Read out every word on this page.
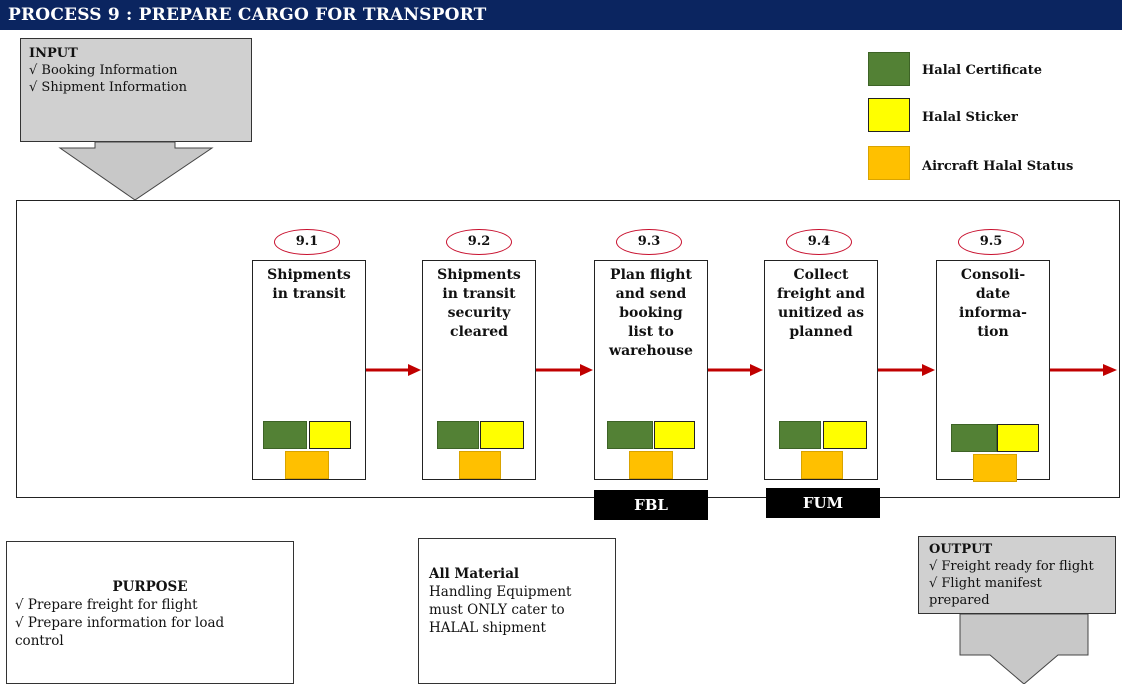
PROCESS 9 : PREPARE CARGO FOR TRANSPORT
INPUT
√ Booking Information
√ Shipment Information
Halal Certificate
Halal Sticker
Aircraft Halal Status
9.1
Shipments
in transit
9.2
Shipments
in transit
security
cleared
9.3
Plan flight
and send
booking
list to
warehouse
9.4
Collect
freight and
unitized as
planned
9.5
Consoli-
date
informa-
tion
FBL	FUM
PURPOSE
√ Prepare freight for flight
√ Prepare information for load
control
All Material
Handling Equipment
must ONLY cater to
HALAL shipment
OUTPUT
√ Freight ready for flight
√ Flight manifest prepared
